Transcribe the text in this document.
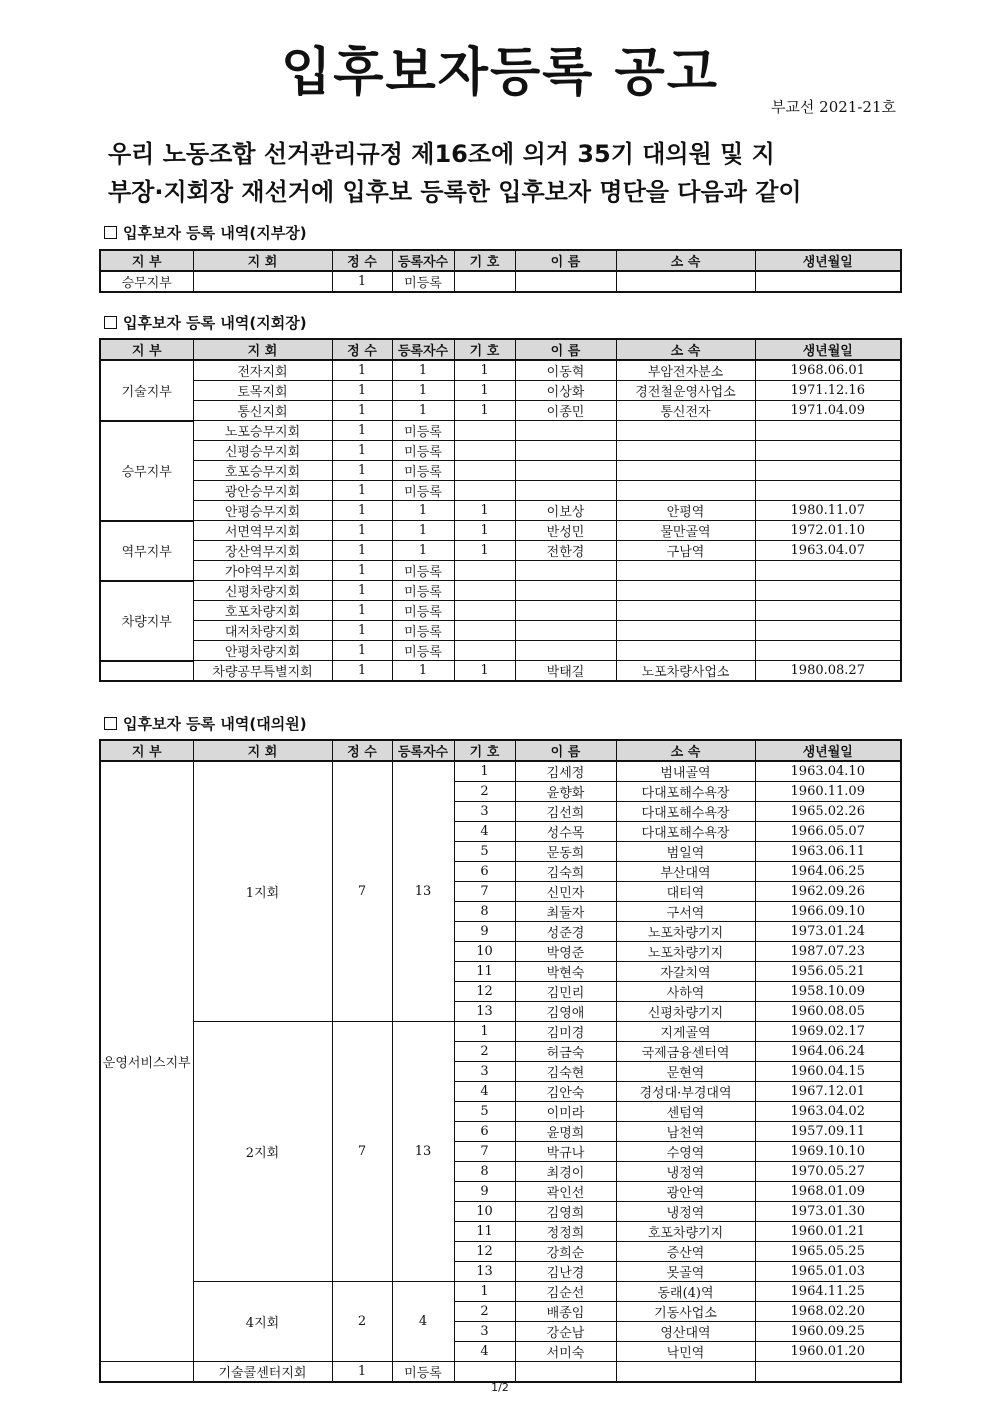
입후보자등록 공고
부교선 2021-21호
우리 노동조합 선거관리규정 제16조에 의거 35기 대의원 및 지
부장·지회장 재선거에 입후보 등록한 입후보자 명단을 다음과 같이
입후보자 등록 내역(지부장)
지 부	지 회	정 수	등록자수	기 호	이 름	소 속	생년월일
승무지부		1	미등록				
입후보자 등록 내역(지회장)
지 부	지 회	정 수	등록자수	기 호	이 름	소 속	생년월일
기술지부	전자지회	1	1	1	이동혁	부암전자분소	1968.06.01
	토목지회	1	1	1	이상화	경전철운영사업소	1971.12.16
	통신지회	1	1	1	이종민	통신전자	1971.04.09
승무지부	노포승무지회	1	미등록				
	신평승무지회	1	미등록				
	호포승무지회	1	미등록				
	광안승무지회	1	미등록				
	안평승무지회	1	1	1	이보상	안평역	1980.11.07
역무지부	서면역무지회	1	1	1	반성민	물만골역	1972.01.10
	장산역무지회	1	1	1	전한경	구남역	1963.04.07
	가야역무지회	1	미등록				
차량지부	신평차량지회	1	미등록				
	호포차량지회	1	미등록				
	대저차량지회	1	미등록				
	안평차량지회	1	미등록				
	차량공무특별지회	1	1	1	박태길	노포차량사업소	1980.08.27
입후보자 등록 내역(대의원)
지 부	지 회	정 수	등록자수	기 호	이 름	소 속	생년월일
운영서비스지부	1지회	7	13	1	김세정	범내골역	1963.04.10
				2	윤향화	다대포해수욕장	1960.11.09
				3	김선희	다대포해수욕장	1965.02.26
				4	성수목	다대포해수욕장	1966.05.07
				5	문동희	범일역	1963.06.11
				6	김숙희	부산대역	1964.06.25
				7	신민자	대티역	1962.09.26
				8	최둘자	구서역	1966.09.10
				9	성준경	노포차량기지	1973.01.24
				10	박영준	노포차량기지	1987.07.23
				11	박현숙	자갈치역	1956.05.21
				12	김민리	사하역	1958.10.09
				13	김영애	신평차량기지	1960.08.05
	2지회	7	13	1	김미경	지게골역	1969.02.17
				2	허금숙	국제금융센터역	1964.06.24
				3	김숙현	문현역	1960.04.15
				4	김안숙	경성대·부경대역	1967.12.01
				5	이미라	센텀역	1963.04.02
				6	윤명희	남천역	1957.09.11
				7	박규나	수영역	1969.10.10
				8	최경이	냉정역	1970.05.27
				9	곽인선	광안역	1968.01.09
				10	김영희	냉정역	1973.01.30
				11	정정희	호포차량기지	1960.01.21
				12	강희순	증산역	1965.05.25
				13	김난경	못골역	1965.01.03
	4지회	2	4	1	김순선	동래(4)역	1964.11.25
				2	배종임	기동사업소	1968.02.20
				3	강순남	영산대역	1960.09.25
				4	서미숙	낙민역	1960.01.20
	기술콜센터지회	1	미등록				
1/2
